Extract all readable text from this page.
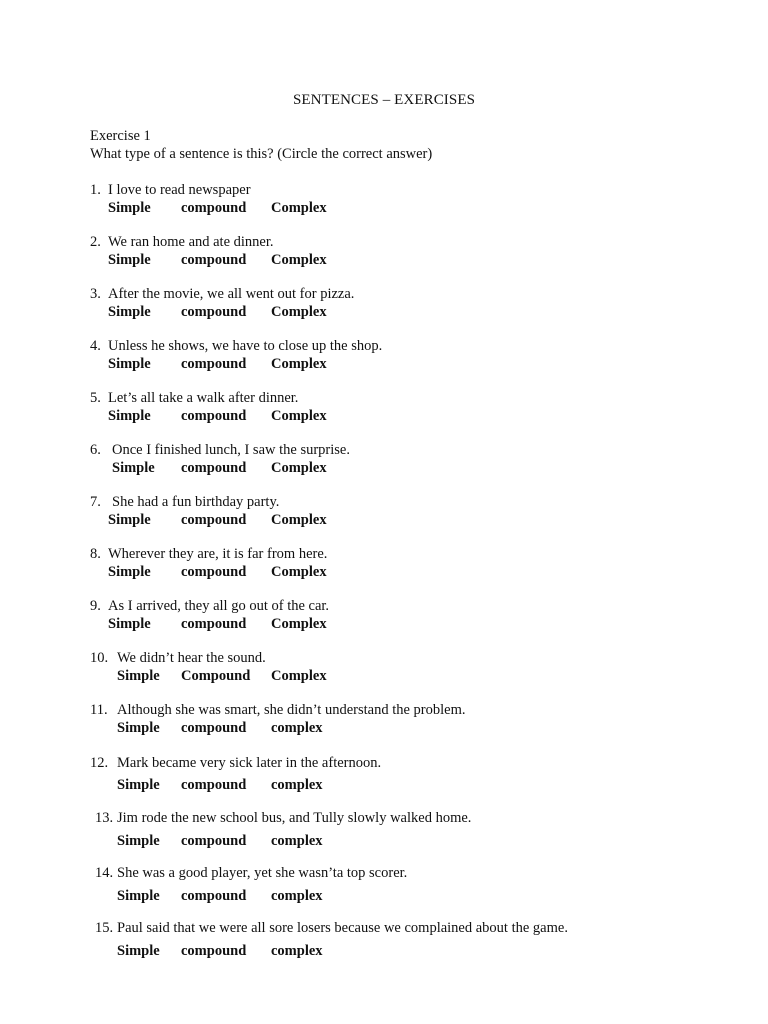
SENTENCES – EXERCISES
Exercise 1
What type of a sentence is this? (Circle the correct answer)
1. I love to read newspaper
Simple compound Complex
2. We ran home and ate dinner.
Simple compound Complex
3. After the movie, we all went out for pizza.
Simple compound Complex
4. Unless he shows, we have to close up the shop.
Simple compound Complex
5. Let’s all take a walk after dinner.
Simple compound Complex
6. Once I finished lunch, I saw the surprise.
Simple compound Complex
7. She had a fun birthday party.
Simple compound Complex
8. Wherever they are, it is far from here.
Simple compound Complex
9. As I arrived, they all go out of the car.
Simple compound Complex
10. We didn’t hear the sound.
Simple Compound Complex
11. Although she was smart, she didn’t understand the problem.
Simple compound complex
12. Mark became very sick later in the afternoon.
Simple compound complex
13. Jim rode the new school bus, and Tully slowly walked home.
Simple compound complex
14. She was a good player, yet she wasn’ta top scorer.
Simple compound complex
15. Paul said that we were all sore losers because we complained about the game.
Simple compound complex
